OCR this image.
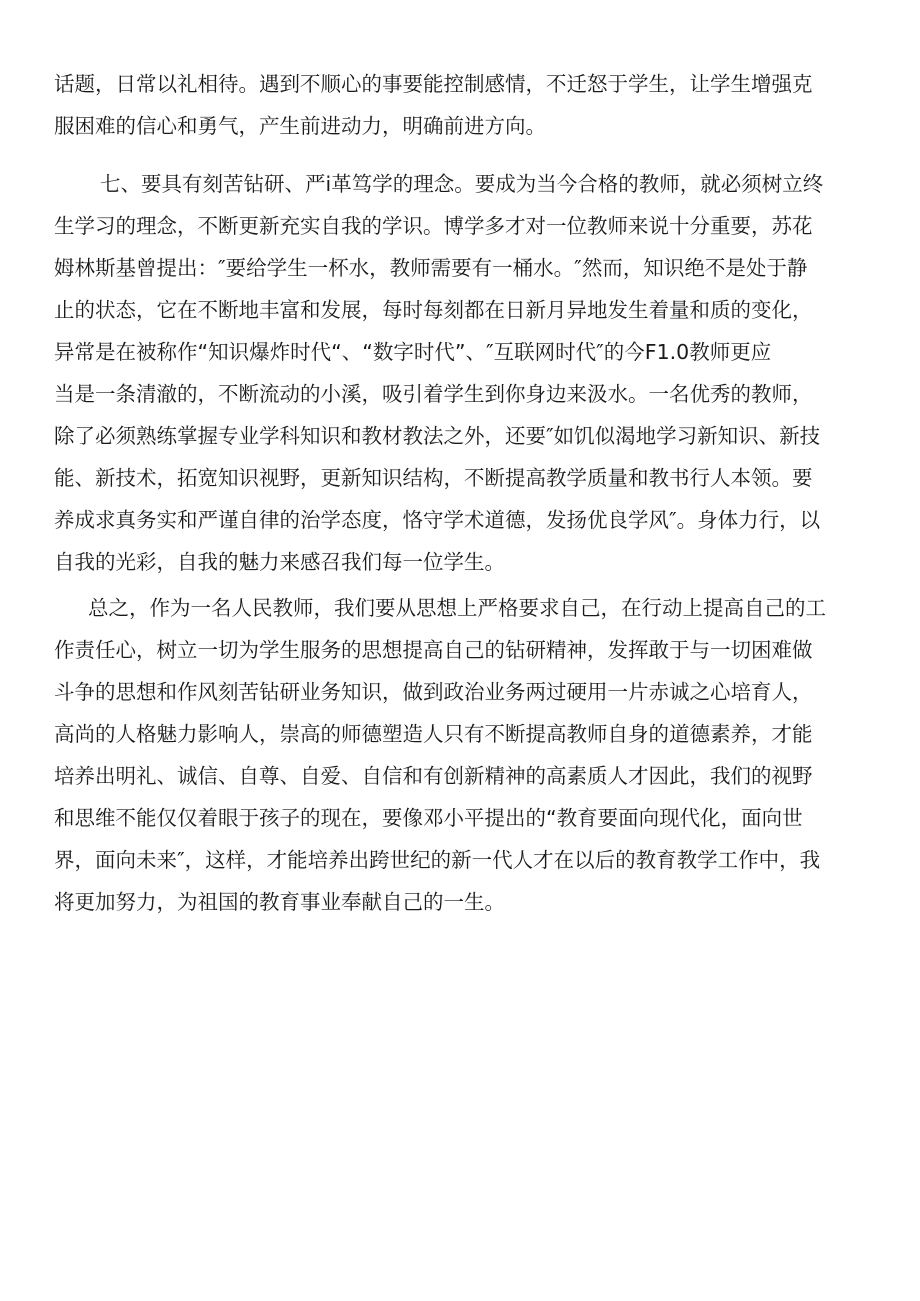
话题，日常以礼相待。遇到不顺心的事要能控制感情，不迁怒于学生，让学生增强克
服困难的信心和勇气，产生前进动力，明确前进方向。
七、要具有刻苦钻研、严i革笃学的理念。要成为当今合格的教师，就必须树立终
生学习的理念，不断更新充实自我的学识。博学多才对一位教师来说十分重要，苏花
姆林斯基曾提出：″要给学生一杯水，教师需要有一桶水。″然而，知识绝不是处于静
止的状态，它在不断地丰富和发展，每时每刻都在日新月异地发生着量和质的变化，
异常是在被称作“知识爆炸时代“、“数字时代”、″互联网时代″的今F1.0教师更应
当是一条清澈的，不断流动的小溪，吸引着学生到你身边来汲水。一名优秀的教师，
除了必须熟练掌握专业学科知识和教材教法之外，还要″如饥似渴地学习新知识、新技
能、新技术，拓宽知识视野，更新知识结构，不断提高教学质量和教书行人本领。要
养成求真务实和严谨自律的治学态度，恪守学术道德，发扬优良学风″。身体力行，以
自我的光彩，自我的魅力来感召我们每一位学生。
总之，作为一名人民教师，我们要从思想上严格要求自己，在行动上提高自己的工
作责任心，树立一切为学生服务的思想提高自己的钻研精神，发挥敢于与一切困难做
斗争的思想和作风刻苦钻研业务知识，做到政治业务两过硬用一片赤诚之心培育人，
高尚的人格魅力影响人，崇高的师德塑造人只有不断提高教师自身的道德素养，才能
培养出明礼、诚信、自尊、自爱、自信和有创新精神的高素质人才因此，我们的视野
和思维不能仅仅着眼于孩子的现在，要像邓小平提出的“教育要面向现代化，面向世
界，面向未来″，这样，才能培养出跨世纪的新一代人才在以后的教育教学工作中，我
将更加努力，为祖国的教育事业奉献自己的一生。
